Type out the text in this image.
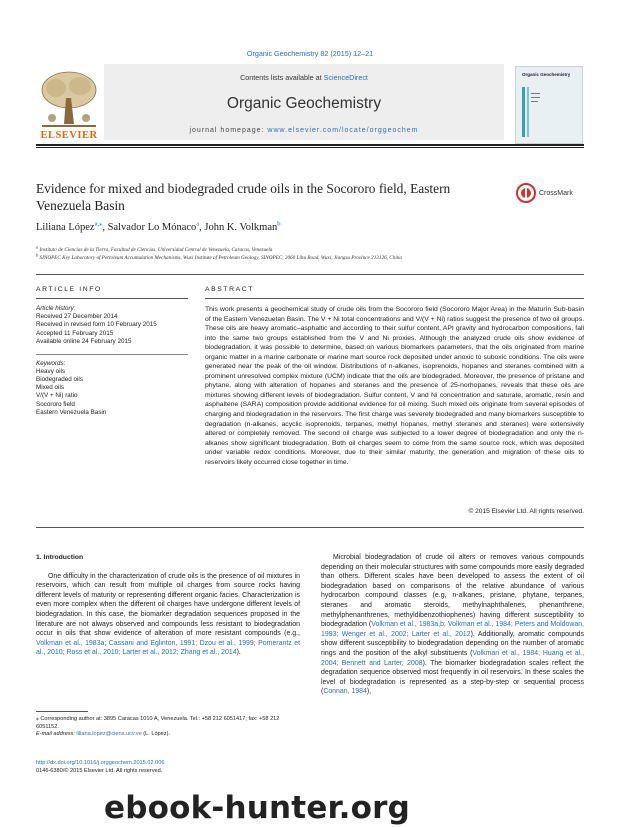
Organic Geochemistry 82 (2015) 12–21
ELSEVIER
Contents lists available at ScienceDirect
Organic Geochemistry
journal homepage: www.elsevier.com/locate/orggeochem
Organic Geochemistry
Evidence for mixed and biodegraded crude oils in the Socororo field, Eastern Venezuela Basin
CrossMark
Liliana López$^{a,⁎}$, Salvador Lo Mónaco$^a$, John K. Volkman$^b$
a Instituto de Ciencias de la Tierra, Facultad de Ciencias, Universidad Central de Venezuela, Caracas, Venezuela
b SINOPEC Key Laboratory of Petroleum Accumulation Mechanisms, Wuxi Institute of Petroleum Geology, SINOPEC, 2060 Lihu Road, Wuxi, Jiangsu Province 213126, China
ARTICLE INFO	ABSTRACT
Article history:
Received 27 December 2014
Received in revised form 10 February 2015
Accepted 11 February 2015
Available online 24 February 2015
Keywords:
Heavy oils
Biodegraded oils
Mixed oils
V/(V + Ni) ratio
Socororo field
Eastern Venezuela Basin
This work presents a geochemical study of crude oils from the Socororo field (Socororo Major Area) in the Maturín Sub-basin of the Eastern Venezuelan Basin. The V + Ni total concentrations and V/(V + Ni) ratios suggest the presence of two oil groups. These oils are heavy aromatic–asphaltic and according to their sulfur content, API gravity and hydrocarbon compositions, fall into the same two groups established from the V and Ni proxies. Although the analyzed crude oils show evidence of biodegradation, it was possible to determine, based on various biomarkers parameters, that the oils originated from marine organic matter in a marine carbonate or marine marl source rock deposited under anoxic to suboxic conditions. The oils were generated near the peak of the oil window. Distributions of n-alkanes, isoprenoids, hopanes and steranes combined with a prominent unresolved complex mixture (UCM) indicate that the oils are biodegraded. Moreover, the presence of pristane and phytane, along with alteration of hopanes and steranes and the presence of 25-norhopanes, reveals that these oils are mixtures showing different levels of biodegradation. Sulfur content, V and Ni concentration and saturate, aromatic, resin and asphaltene (SARA) composition provide additional evidence for oil mixing. Such mixed oils originate from several episodes of charging and biodegradation in the reservoirs. The first charge was severely biodegraded and many biomarkers susceptible to degradation (n-alkanes, acyclic isoprenoids, terpanes, methyl hopanes, methyl steranes and steranes) were extensively altered or completely removed. The second oil charge was subjected to a lower degree of biodegradation and only the n-alkanes show significant biodegradation. Both oil charges seem to come from the same source rock, which was deposited under variable redox conditions. Moreover, due to their similar maturity, the generation and migration of these oils to reservoirs likely occurred close together in time.
© 2015 Elsevier Ltd. All rights reserved.
1. Introduction

One difficulty in the characterization of crude oils is the presence of oil mixtures in reservoirs, which can result from multiple oil charges from source rocks having different levels of maturity or representing different organic facies. Characterization is even more complex when the different oil charges have undergone different levels of biodegradation. In this case, the biomarker degradation sequences proposed in the literature are not always observed and compounds less resistant to biodegradation occur in oils that show evidence of alteration of more resistant compounds (e.g., Volkman et al., 1983a; Cassani and Eglinton, 1991; Dzou et al., 1999; Pomerantz et al., 2010; Ross et al., 2010; Larter et al., 2012; Zhang et al., 2014).

Microbial biodegradation of crude oil alters or removes various compounds depending on their molecular structures with some compounds more easily degraded than others. Different scales have been developed to assess the extent of oil biodegradation based on comparisons of the relative abundance of various hydrocarbon compound classes (e.g, n-alkanes, pristane, phytane, terpanes, steranes and aromatic steroids, methylnaphthalenes, phenanthrene, methylphenanthrenes, methyldibenzothiophenes) having different susceptibility to biodegradation (Volkman et al., 1983a,b; Volkman et al., 1984; Peters and Moldowan, 1993; Wenger et al., 2002; Larter et al., 2012). Additionally, aromatic compounds show different susceptibility to biodegradation depending on the number of aromatic rings and the position of the alkyl substituents (Volkman et al., 1984; Huang et al., 2004; Bennett and Larter, 2008). The biomarker biodegradation scales reflect the degradation sequence observed most frequently in oil reservoirs. In these scales the level of biodegradation is represented as a step-by-step or sequential process (Connan, 1984),

⁎ Corresponding author at: 3895 Caracas 1010 A, Venezuela. Tel.: +58 212 6051417; fax: +58 212 6051152.
E-mail address: liliana.lopez@ciens.ucv.ve (L. López).
http://dx.doi.org/10.1016/j.orggeochem.2015.02.006
0146-6380/© 2015 Elsevier Ltd. All rights reserved.
ebook-hunter.org
